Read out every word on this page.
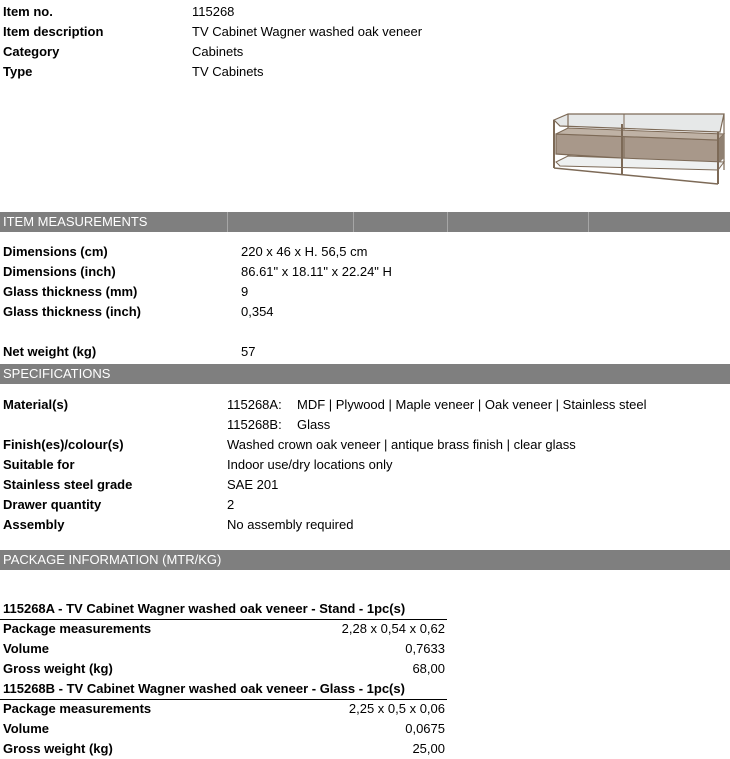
Item no.	115268
Item description	TV Cabinet Wagner washed oak veneer
Category	Cabinets
Type	TV Cabinets
ITEM MEASUREMENTS
Dimensions (cm)	220 x 46 x H. 56,5 cm
Dimensions (inch)	86.61" x 18.11" x 22.24" H
Glass thickness (mm)	9
Glass thickness (inch)	0,354
Net weight (kg)	57
SPECIFICATIONS
Material(s)	115268A: MDF | Plywood | Maple veneer | Oak veneer | Stainless steel
115268B: Glass
Finish(es)/colour(s)	Washed crown oak veneer | antique brass finish | clear glass
Suitable for	Indoor use/dry locations only
Stainless steel grade	SAE 201
Drawer quantity	2
Assembly	No assembly required
PACKAGE INFORMATION (MTR/KG)
115268A - TV Cabinet Wagner washed oak veneer - Stand - 1pc(s)
Package measurements	2,28 x 0,54 x 0,62
Volume	0,7633
Gross weight (kg)	68,00
115268B - TV Cabinet Wagner washed oak veneer - Glass - 1pc(s)
Package measurements	2,25 x 0,5 x 0,06
Volume	0,0675
Gross weight (kg)	25,00
